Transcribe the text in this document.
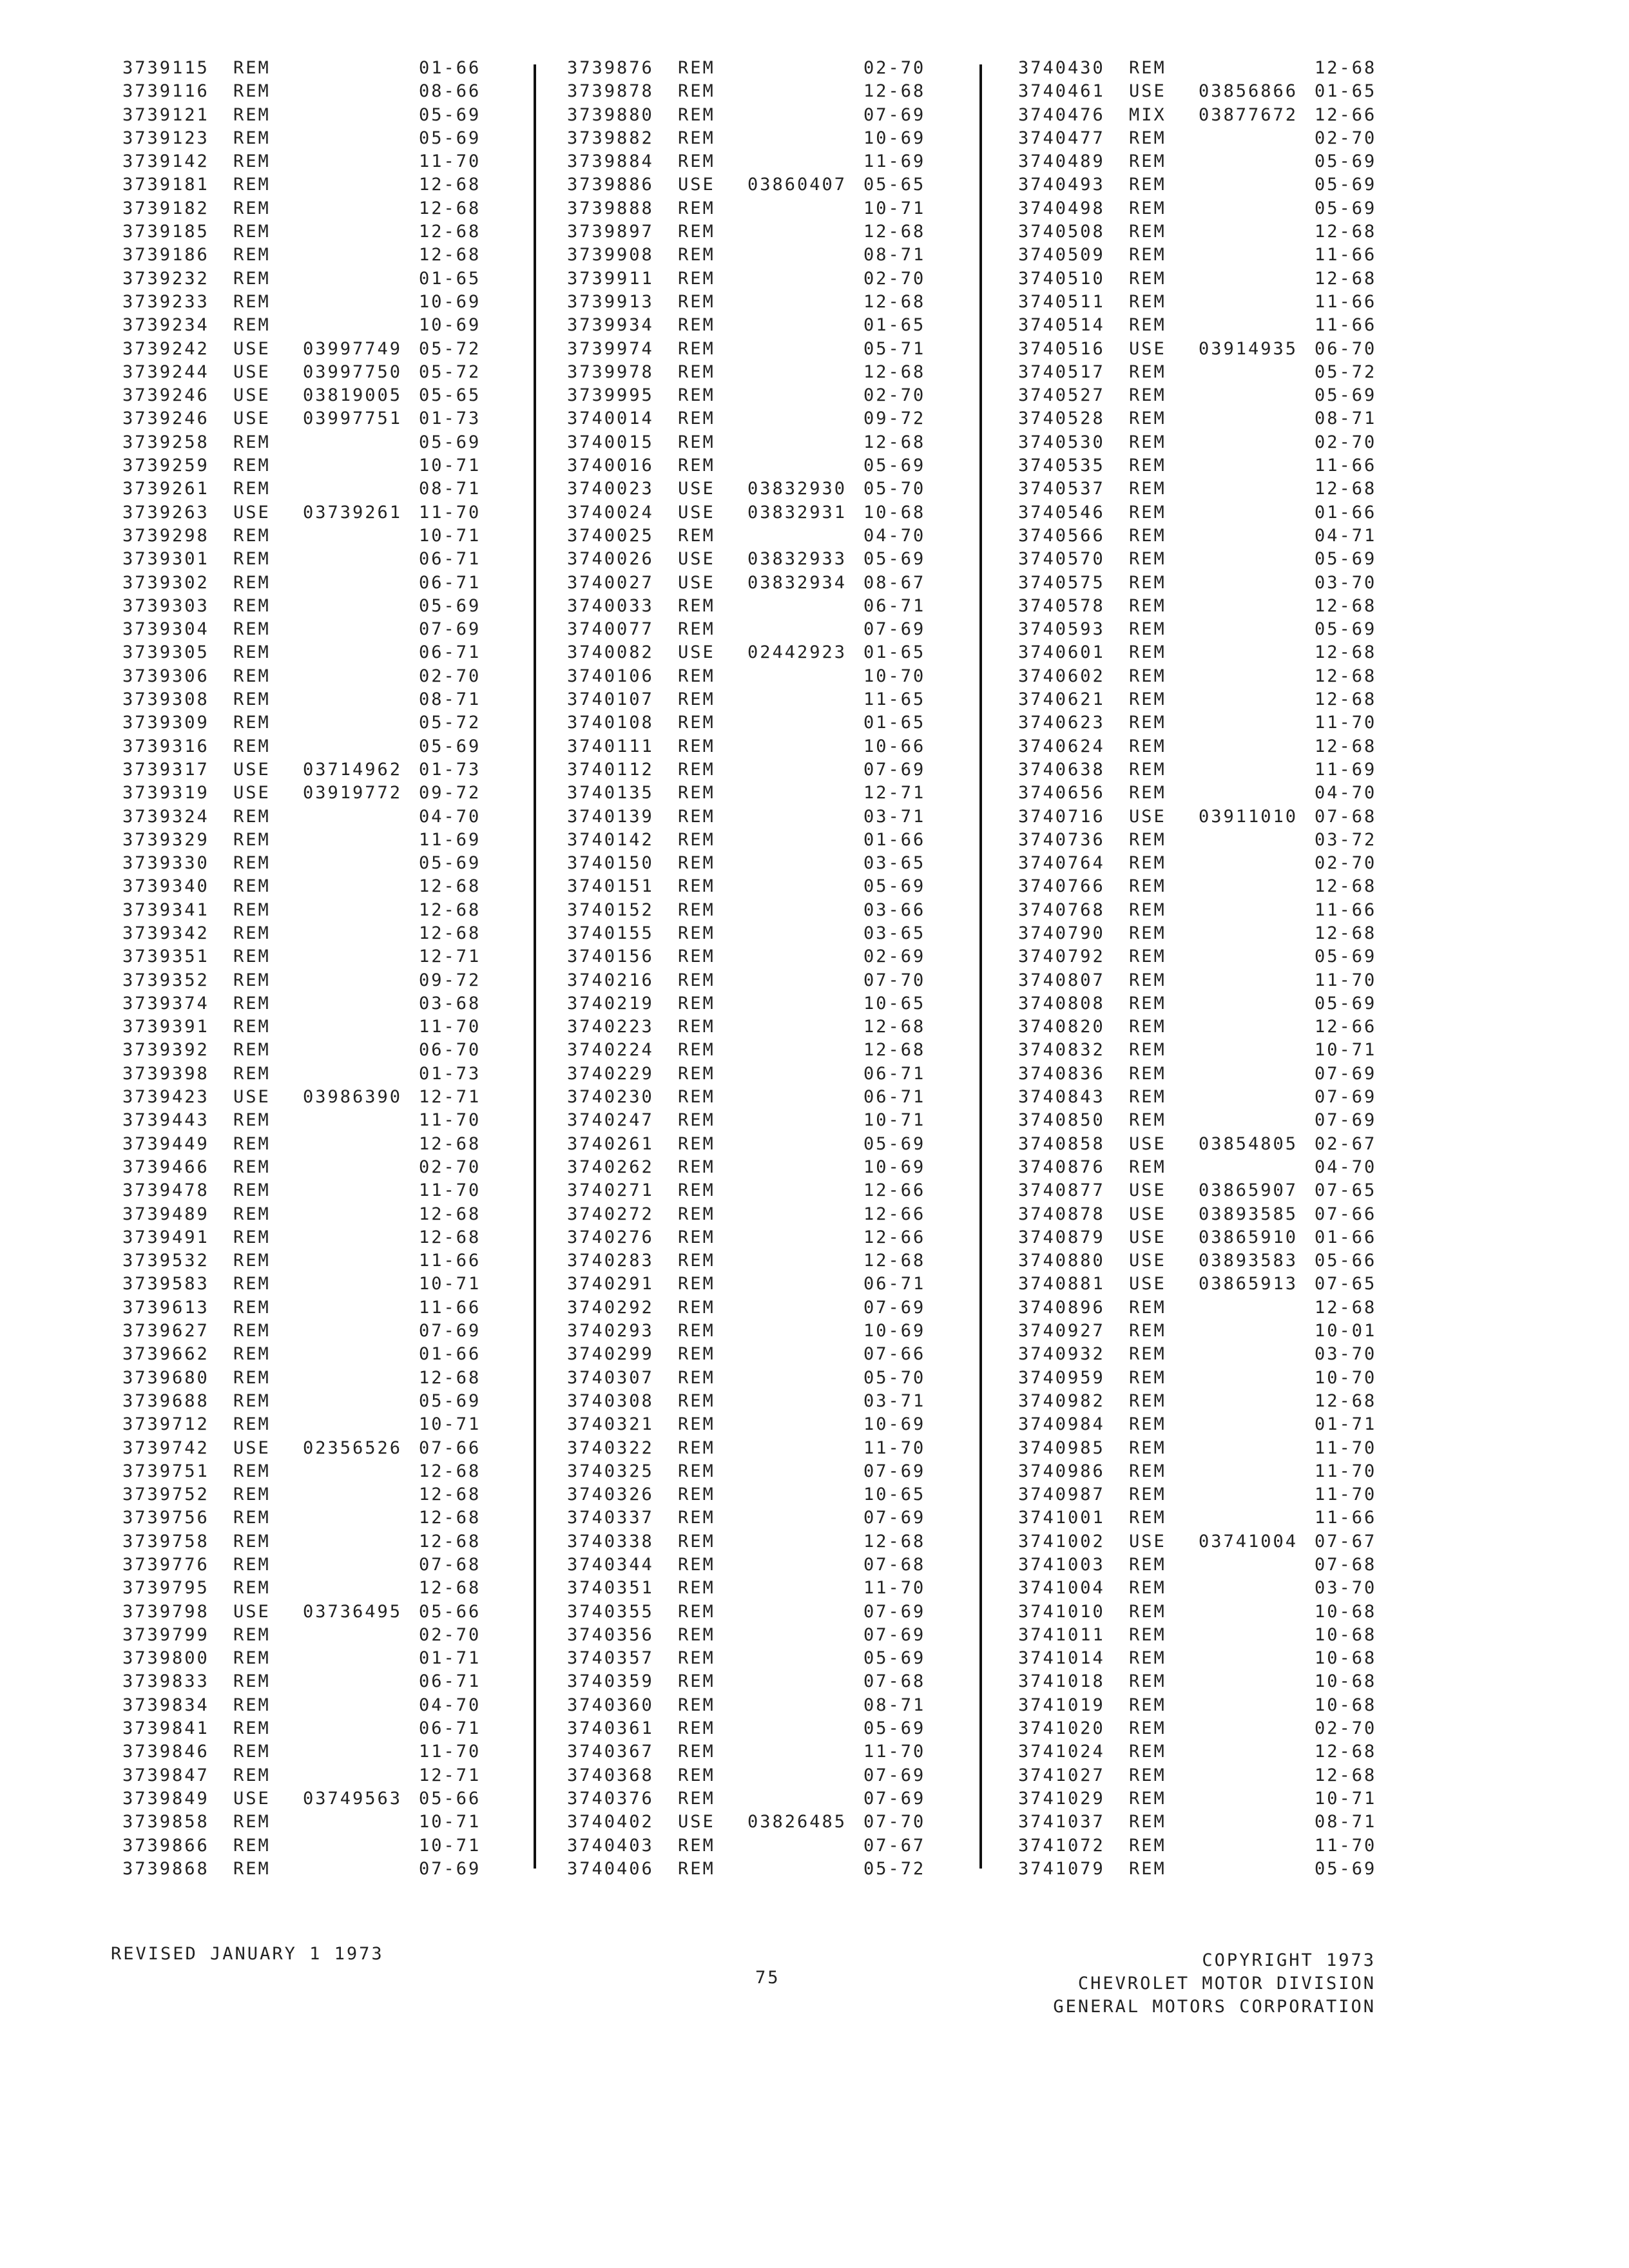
3739115 REM	01-66
3739116 REM	08-66
3739121 REM	05-69
3739123 REM	05-69
3739142 REM	11-70
3739181 REM	12-68
3739182 REM	12-68
3739185 REM	12-68
3739186 REM	12-68
3739232 REM	01-65
3739233 REM	10-69
3739234 REM	10-69
3739242 USE 03997749 05-72
3739244 USE 03997750 05-72
3739246 USE 03819005 05-65
3739246 USE 03997751 01-73
3739258 REM	05-69
3739259 REM	10-71
3739261 REM	08-71
3739263 USE 03739261 11-70
3739298 REM	10-71
3739301 REM	06-71
3739302 REM	06-71
3739303 REM	05-69
3739304 REM	07-69
3739305 REM	06-71
3739306 REM	02-70
3739308 REM	08-71
3739309 REM	05-72
3739316 REM	05-69
3739317 USE 03714962 01-73
3739319 USE 03919772 09-72
3739324 REM	04-70
3739329 REM	11-69
3739330 REM	05-69
3739340 REM	12-68
3739341 REM	12-68
3739342 REM	12-68
3739351 REM	12-71
3739352 REM	09-72
3739374 REM	03-68
3739391 REM	11-70
3739392 REM	06-70
3739398 REM	01-73
3739423 USE 03986390 12-71
3739443 REM	11-70
3739449 REM	12-68
3739466 REM	02-70
3739478 REM	11-70
3739489 REM	12-68
3739491 REM	12-68
3739532 REM	11-66
3739583 REM	10-71
3739613 REM	11-66
3739627 REM	07-69
3739662 REM	01-66
3739680 REM	12-68
3739688 REM	05-69
3739712 REM	10-71
3739742 USE 02356526 07-66
3739751 REM	12-68
3739752 REM	12-68
3739756 REM	12-68
3739758 REM	12-68
3739776 REM	07-68
3739795 REM	12-68
3739798 USE 03736495 05-66
3739799 REM	02-70
3739800 REM	01-71
3739833 REM	06-71
3739834 REM	04-70
3739841 REM	06-71
3739846 REM	11-70
3739847 REM	12-71
3739849 USE 03749563 05-66
3739858 REM	10-71
3739866 REM	10-71
3739868 REM	07-69
3739876 REM	02-70
3739878 REM	12-68
3739880 REM	07-69
3739882 REM	10-69
3739884 REM	11-69
3739886 USE 03860407 05-65
3739888 REM	10-71
3739897 REM	12-68
3739908 REM	08-71
3739911 REM	02-70
3739913 REM	12-68
3739934 REM	01-65
3739974 REM	05-71
3739978 REM	12-68
3739995 REM	02-70
3740014 REM	09-72
3740015 REM	12-68
3740016 REM	05-69
3740023 USE 03832930 05-70
3740024 USE 03832931 10-68
3740025 REM	04-70
3740026 USE 03832933 05-69
3740027 USE 03832934 08-67
3740033 REM	06-71
3740077 REM	07-69
3740082 USE 02442923 01-65
3740106 REM	10-70
3740107 REM	11-65
3740108 REM	01-65
3740111 REM	10-66
3740112 REM	07-69
3740135 REM	12-71
3740139 REM	03-71
3740142 REM	01-66
3740150 REM	03-65
3740151 REM	05-69
3740152 REM	03-66
3740155 REM	03-65
3740156 REM	02-69
3740216 REM	07-70
3740219 REM	10-65
3740223 REM	12-68
3740224 REM	12-68
3740229 REM	06-71
3740230 REM	06-71
3740247 REM	10-71
3740261 REM	05-69
3740262 REM	10-69
3740271 REM	12-66
3740272 REM	12-66
3740276 REM	12-66
3740283 REM	12-68
3740291 REM	06-71
3740292 REM	07-69
3740293 REM	10-69
3740299 REM	07-66
3740307 REM	05-70
3740308 REM	03-71
3740321 REM	10-69
3740322 REM	11-70
3740325 REM	07-69
3740326 REM	10-65
3740337 REM	07-69
3740338 REM	12-68
3740344 REM	07-68
3740351 REM	11-70
3740355 REM	07-69
3740356 REM	07-69
3740357 REM	05-69
3740359 REM	07-68
3740360 REM	08-71
3740361 REM	05-69
3740367 REM	11-70
3740368 REM	07-69
3740376 REM	07-69
3740402 USE 03826485 07-70
3740403 REM	07-67
3740406 REM	05-72
3740430 REM	12-68
3740461 USE 03856866 01-65
3740476 MIX 03877672 12-66
3740477 REM	02-70
3740489 REM	05-69
3740493 REM	05-69
3740498 REM	05-69
3740508 REM	12-68
3740509 REM	11-66
3740510 REM	12-68
3740511 REM	11-66
3740514 REM	11-66
3740516 USE 03914935 06-70
3740517 REM	05-72
3740527 REM	05-69
3740528 REM	08-71
3740530 REM	02-70
3740535 REM	11-66
3740537 REM	12-68
3740546 REM	01-66
3740566 REM	04-71
3740570 REM	05-69
3740575 REM	03-70
3740578 REM	12-68
3740593 REM	05-69
3740601 REM	12-68
3740602 REM	12-68
3740621 REM	12-68
3740623 REM	11-70
3740624 REM	12-68
3740638 REM	11-69
3740656 REM	04-70
3740716 USE 03911010 07-68
3740736 REM	03-72
3740764 REM	02-70
3740766 REM	12-68
3740768 REM	11-66
3740790 REM	12-68
3740792 REM	05-69
3740807 REM	11-70
3740808 REM	05-69
3740820 REM	12-66
3740832 REM	10-71
3740836 REM	07-69
3740843 REM	07-69
3740850 REM	07-69
3740858 USE 03854805 02-67
3740876 REM	04-70
3740877 USE 03865907 07-65
3740878 USE 03893585 07-66
3740879 USE 03865910 01-66
3740880 USE 03893583 05-66
3740881 USE 03865913 07-65
3740896 REM	12-68
3740927 REM	10-01
3740932 REM	03-70
3740959 REM	10-70
3740982 REM	12-68
3740984 REM	01-71
3740985 REM	11-70
3740986 REM	11-70
3740987 REM	11-70
3741001 REM	11-66
3741002 USE 03741004 07-67
3741003 REM	07-68
3741004 REM	03-70
3741010 REM	10-68
3741011 REM	10-68
3741014 REM	10-68
3741018 REM	10-68
3741019 REM	10-68
3741020 REM	02-70
3741024 REM	12-68
3741027 REM	12-68
3741029 REM	10-71
3741037 REM	08-71
3741072 REM	11-70
3741079 REM	05-69
REVISED JANUARY 1 1973
75
COPYRIGHT 1973
CHEVROLET MOTOR DIVISION
GENERAL MOTORS CORPORATION
